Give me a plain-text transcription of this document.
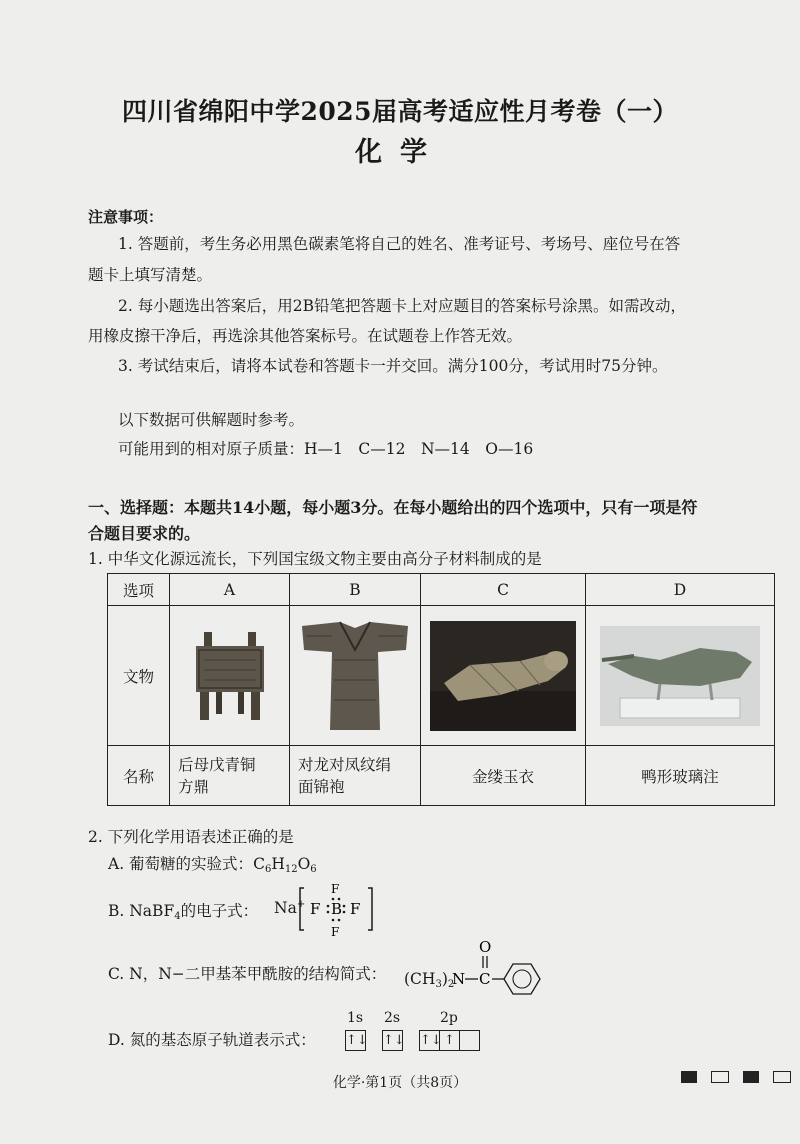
四川省绵阳中学2025届高考适应性月考卷（一）
化学
注意事项：
1. 答题前，考生务必用黑色碳素笔将自己的姓名、准考证号、考场号、座位号在答
题卡上填写清楚。
2. 每小题选出答案后，用2B铅笔把答题卡上对应题目的答案标号涂黑。如需改动，
用橡皮擦干净后，再选涂其他答案标号。在试题卷上作答无效。
3. 考试结束后，请将本试卷和答题卡一并交回。满分100分，考试用时75分钟。
以下数据可供解题时参考。
可能用到的相对原子质量：H—1　C—12　N—14　O—16
一、选择题：本题共14小题，每小题3分。在每小题给出的四个选项中，只有一项是符
合题目要求的。
1. 中华文化源远流长，下列国宝级文物主要由高分子材料制成的是
选项	A	B	C	D
文物	

名称	后母戊青铜
方鼎	对龙对凤纹绢
面锦袍	金缕玉衣	鸭形玻璃注
2. 下列化学用语表述正确的是
A. 葡萄糖的实验式：$C_6H_{12}O_6$
B. NaBF$_4$的电子式： Na+ F B F
F
F
C. N，N−二甲基苯甲酰胺的结构简式： $(CH_3)_2$
N C
O
D. 氮的基态原子轨道表示式：
1s 2s	2p
↑↓ ↑↓ ↑↓ ↑
化学·第1页（共8页）
